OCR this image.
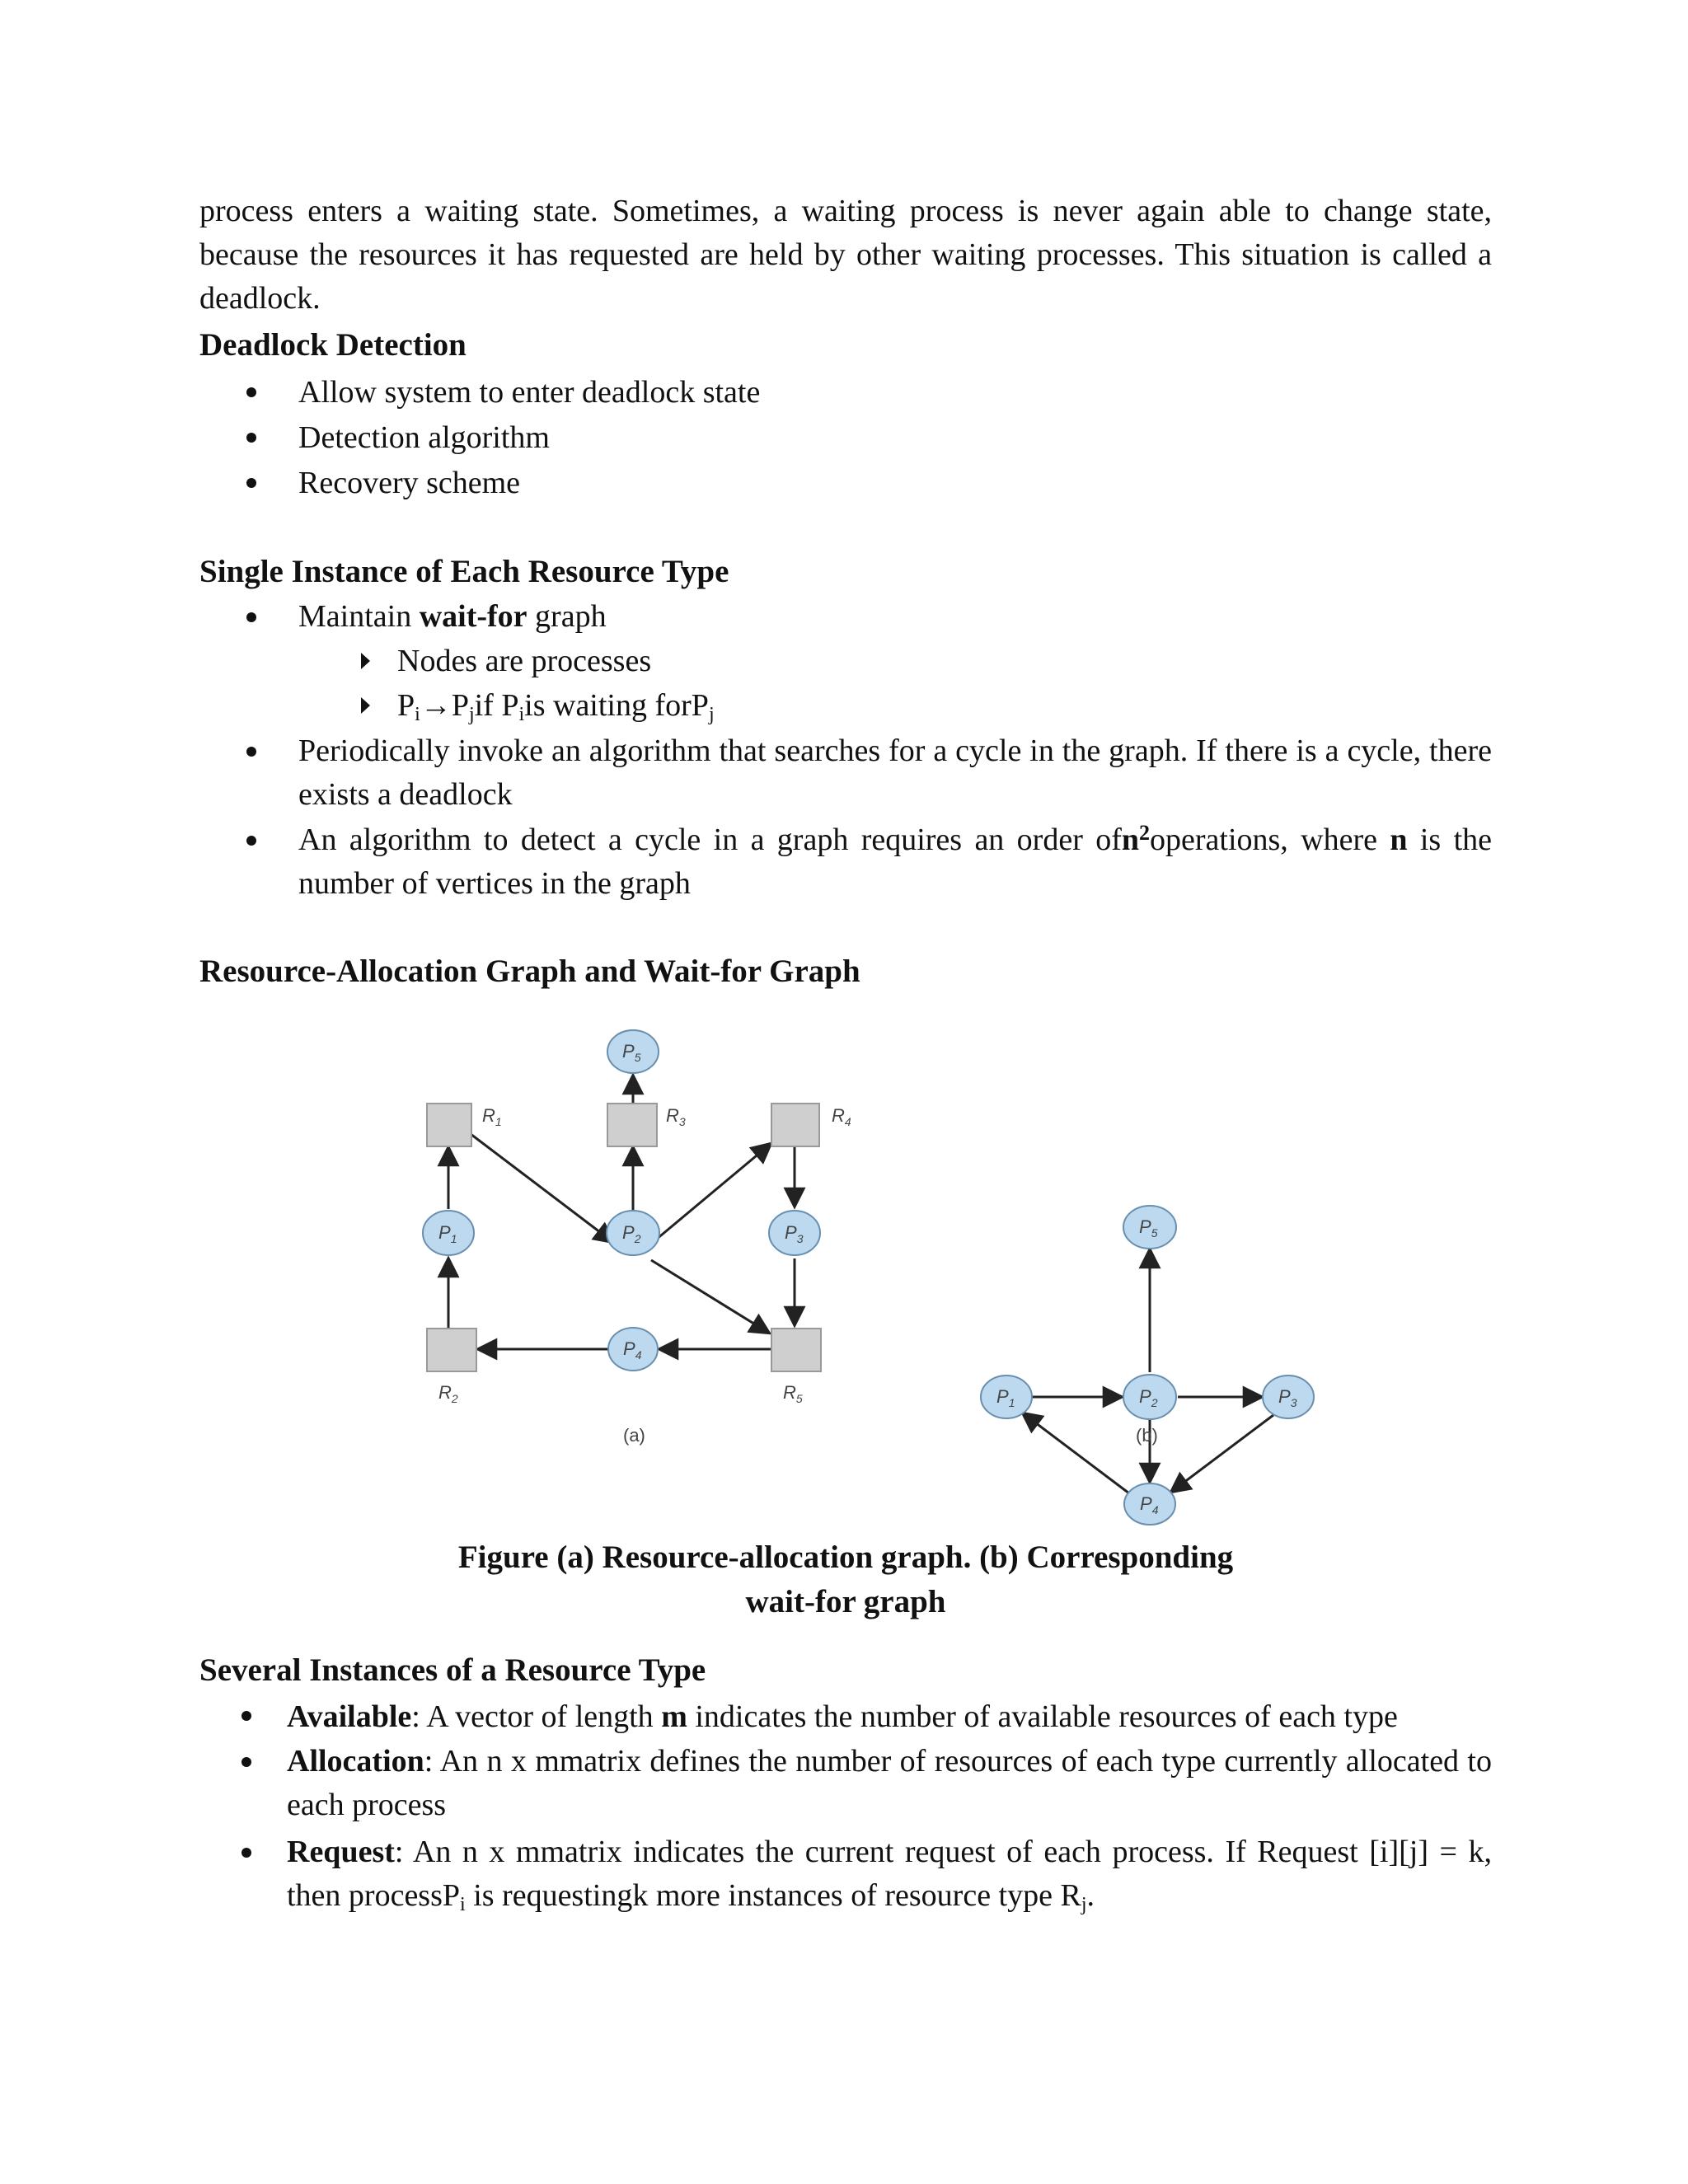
process enters a waiting state. Sometimes, a waiting process is never again able to change state, because the resources it has requested are held by other waiting processes. This situation is called a deadlock.

Deadlock Detection
Allow system to enter deadlock state
Detection algorithm
Recovery scheme
Single Instance of Each Resource Type
Maintain wait-for graph
Nodes are processes
$P_i\to P_jif$ $P_iis$ waiting forP$_j$
Periodically invoke an algorithm that searches for a cycle in the graph. If there is a cycle, there exists a deadlock
An algorithm to detect a cycle in a graph requires an order ofn$^2$operations, where n is the number of vertices in the graph
Resource-Allocation Graph and Wait-for Graph
$P_5$
$P_1$	$P_2$	$P_3$
$P_4$
$R_1$	$R_3$	$R_4$
$R_2$	$R_5$
(a)
$P_5$
$P_1$	$P_2$	$P_3$
$P_4$
(b)
Figure (a) Resource-allocation graph. (b) Corresponding
wait-for graph
Several Instances of a Resource Type
Available: A vector of length m indicates the number of available resources of each type
Allocation: An n x mmatrix defines the number of resources of each type currently allocated to each process
Request: An n x mmatrix indicates the current request of each process. If Request [i][j] = k, then processP$_i$ is requestingk more instances of resource type $R_j$.
